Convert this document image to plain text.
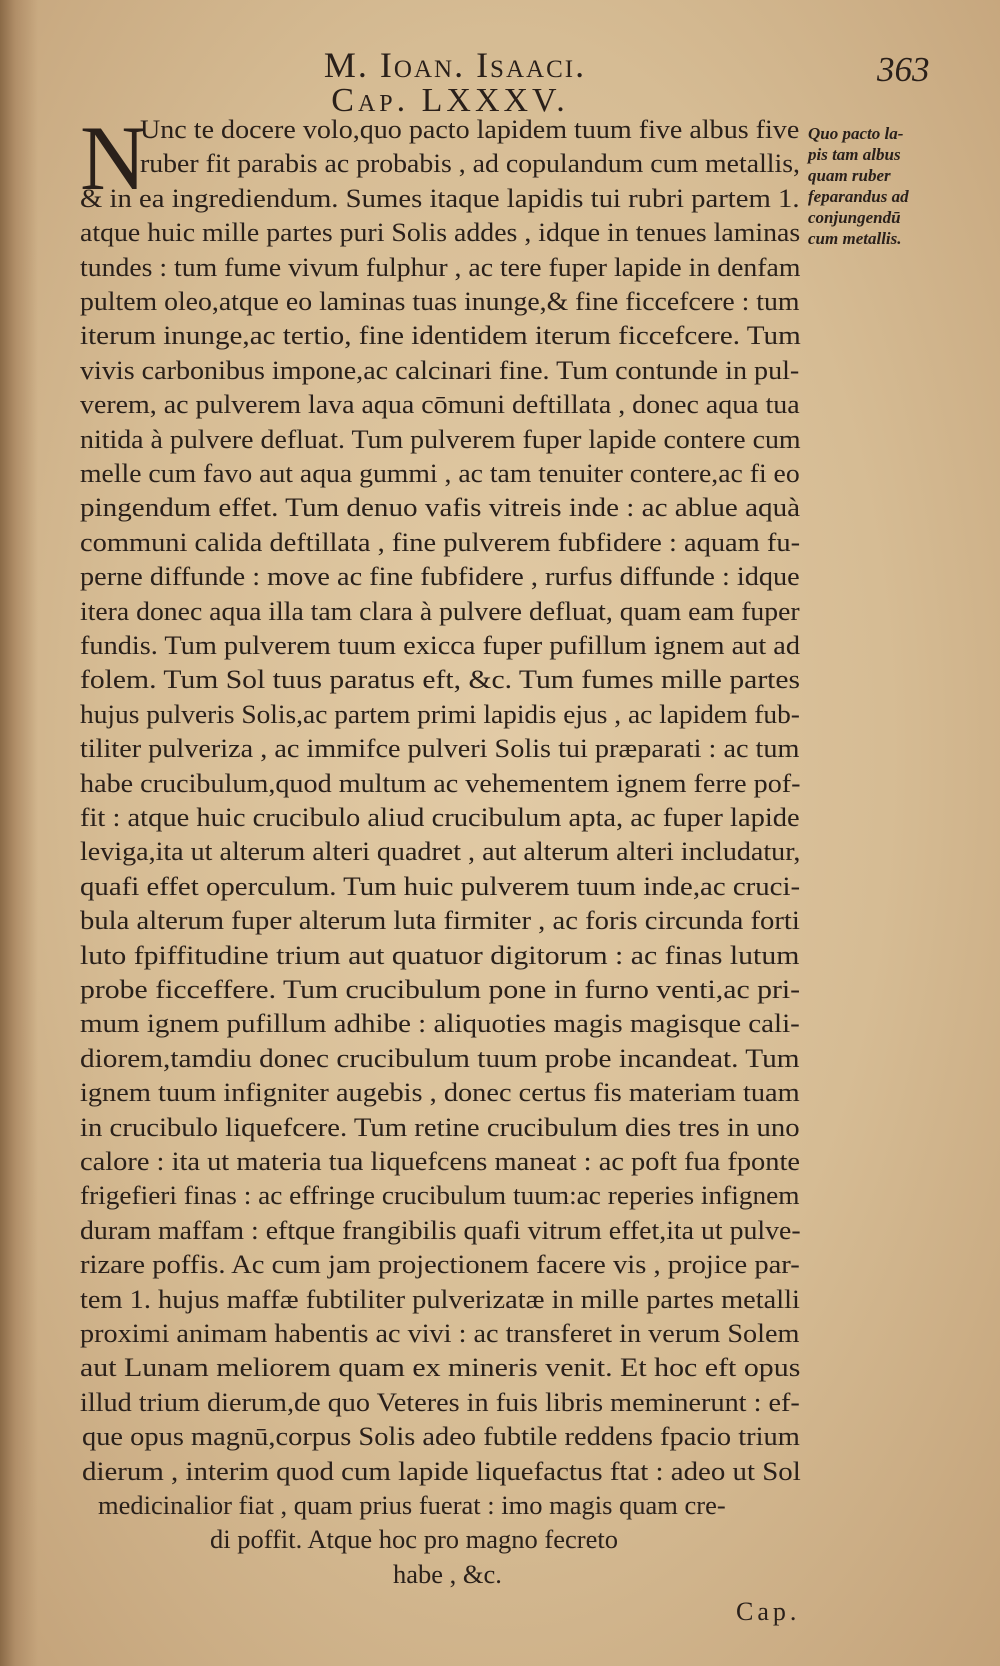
M. Ioan. Isaaci.	363
Cap. LXXXV.
N
Unc te docere volo,quo pacto lapidem tuum five albus five
ruber fit parabis ac probabis , ad copulandum cum metallis,
& in ea ingrediendum. Sumes itaque lapidis tui rubri partem 1.
atque huic mille partes puri Solis addes , idque in tenues laminas
tundes : tum fume vivum fulphur , ac tere fuper lapide in denfam
pultem oleo,atque eo laminas tuas inunge,& fine ficcefcere : tum
iterum inunge,ac tertio, fine identidem iterum ficcefcere. Tum
vivis carbonibus impone,ac calcinari fine. Tum contunde in pul-
verem, ac pulverem lava aqua cōmuni deftillata , donec aqua tua
nitida à pulvere defluat. Tum pulverem fuper lapide contere cum
melle cum favo aut aqua gummi , ac tam tenuiter contere,ac fi eo
pingendum effet. Tum denuo vafis vitreis inde : ac ablue aquà
communi calida deftillata , fine pulverem fubfidere : aquam fu-
perne diffunde : move ac fine fubfidere , rurfus diffunde : idque
itera donec aqua illa tam clara à pulvere defluat, quam eam fuper
fundis. Tum pulverem tuum exicca fuper pufillum ignem aut ad
folem. Tum Sol tuus paratus eft, &c. Tum fumes mille partes
hujus pulveris Solis,ac partem primi lapidis ejus , ac lapidem fub-
tiliter pulveriza , ac immifce pulveri Solis tui præparati : ac tum
habe crucibulum,quod multum ac vehementem ignem ferre pof-
fit : atque huic crucibulo aliud crucibulum apta, ac fuper lapide
leviga,ita ut alterum alteri quadret , aut alterum alteri includatur,
quafi effet operculum. Tum huic pulverem tuum inde,ac cruci-
bula alterum fuper alterum luta firmiter , ac foris circunda forti
luto fpiffitudine trium aut quatuor digitorum : ac finas lutum
probe ficceffere. Tum crucibulum pone in furno venti,ac pri-
mum ignem pufillum adhibe : aliquoties magis magisque cali-
diorem,tamdiu donec crucibulum tuum probe incandeat. Tum
ignem tuum infigniter augebis , donec certus fis materiam tuam
in crucibulo liquefcere. Tum retine crucibulum dies tres in uno
calore : ita ut materia tua liquefcens maneat : ac poft fua fponte
frigefieri finas : ac effringe crucibulum tuum:ac reperies infignem
duram maffam : eftque frangibilis quafi vitrum effet,ita ut pulve-
rizare poffis. Ac cum jam projectionem facere vis , projice par-
tem 1. hujus maffæ fubtiliter pulverizatæ in mille partes metalli
proximi animam habentis ac vivi : ac transferet in verum Solem
aut Lunam meliorem quam ex mineris venit. Et hoc eft opus
illud trium dierum,de quo Veteres in fuis libris meminerunt : ef-
que opus magnū,corpus Solis adeo fubtile reddens fpacio trium
dierum , interim quod cum lapide liquefactus ftat : adeo ut Sol
medicinalior fiat , quam prius fuerat : imo magis quam cre-
di poffit. Atque hoc pro magno fecreto
habe , &c.
Quo pacto la-
pis tam albus
quam ruber
feparandus ad
conjungendū
cum metallis.
Cap.
